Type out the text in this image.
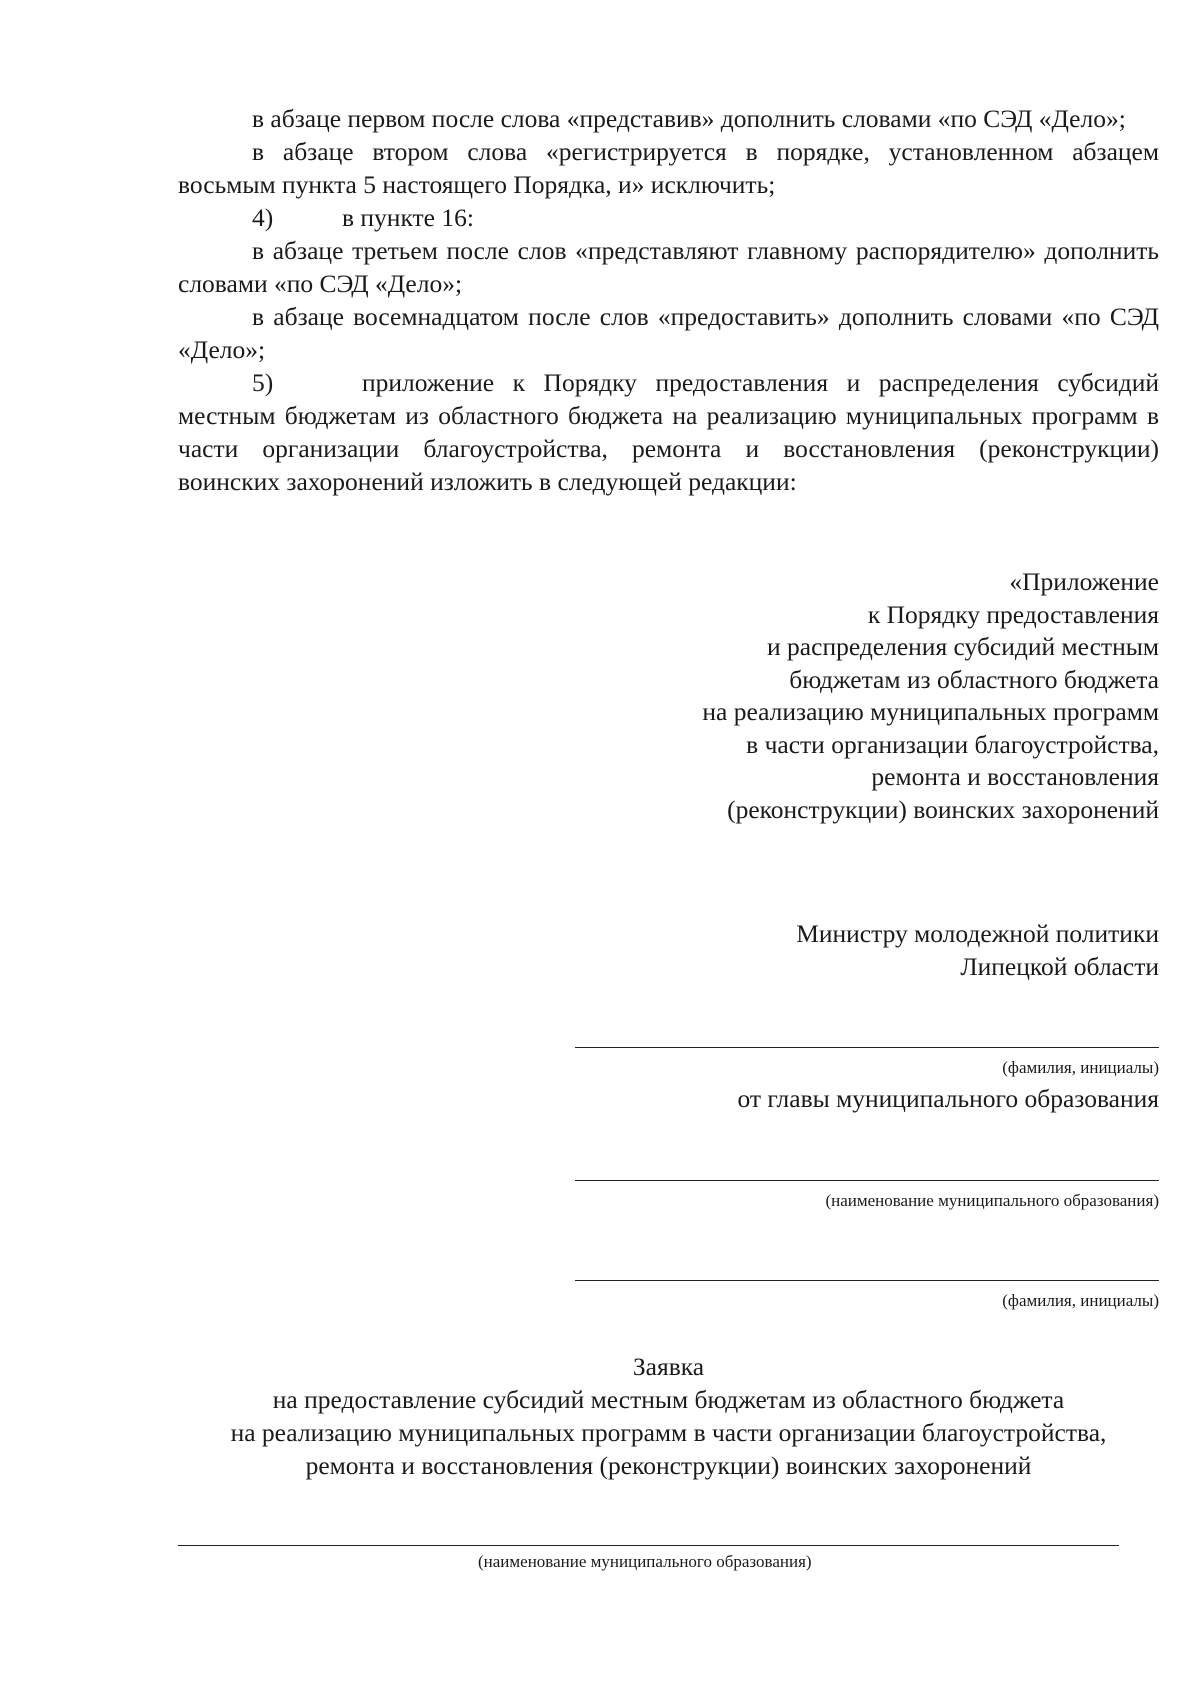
в абзаце первом после слова «представив» дополнить словами «по СЭД «Дело»;

в абзаце втором слова «регистрируется в порядке, установленном абзацем восьмым пункта 5 настоящего Порядка, и» исключить;

4)	в пункте 16:

в абзаце третьем после слов «представляют главному распорядителю» дополнить словами «по СЭД «Дело»;

в абзаце восемнадцатом после слов «предоставить» дополнить словами «по СЭД «Дело»;

5)	приложение к Порядку предоставления и распределения субсидий местным бюджетам из областного бюджета на реализацию муниципальных программ в части организации благоустройства, ремонта и восстановления (реконструкции) воинских захоронений изложить в следующей редакции:

«Приложение
к Порядку предоставления
и распределения субсидий местным
бюджетам из областного бюджета
на реализацию муниципальных программ
в части организации благоустройства,
ремонта и восстановления
(реконструкции) воинских захоронений
Министру молодежной политики
Липецкой области
(фамилия, инициалы)
от главы муниципального образования
(наименование муниципального образования)
(фамилия, инициалы)
Заявка
на предоставление субсидий местным бюджетам из областного бюджета
на реализацию муниципальных программ в части организации благоустройства,
ремонта и восстановления (реконструкции) воинских захоронений
(наименование муниципального образования)
